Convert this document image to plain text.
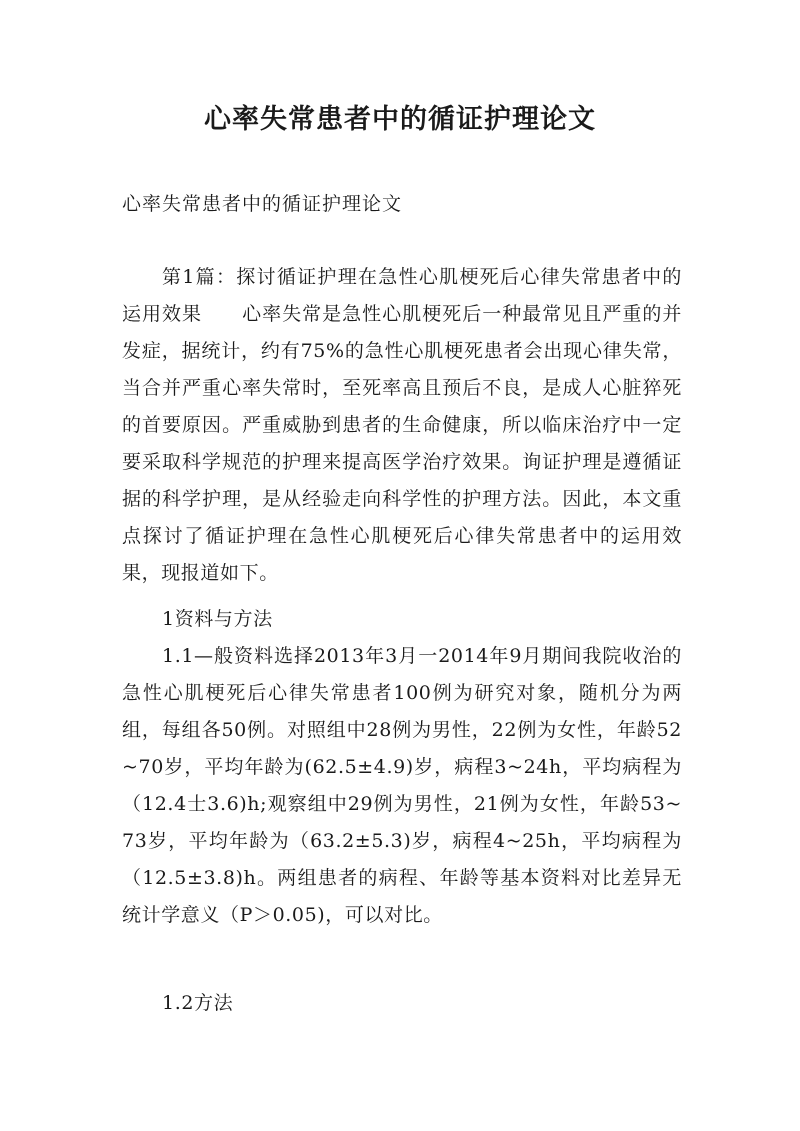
心率失常患者中的循证护理论文
心率失常患者中的循证护理论文

第1篇：探讨循证护理在急性心肌梗死后心律失常患者中的运用效果　　心率失常是急性心肌梗死后一种最常见且严重的并发症，据统计，约有75%的急性心肌梗死患者会出现心律失常，当合并严重心率失常时，至死率高且预后不良，是成人心脏猝死的首要原因。严重威胁到患者的生命健康，所以临床治疗中一定要采取科学规范的护理来提高医学治疗效果。询证护理是遵循证据的科学护理，是从经验走向科学性的护理方法。因此，本文重点探讨了循证护理在急性心肌梗死后心律失常患者中的运用效果，现报道如下。

1资料与方法

1.1—般资料选择2013年3月一2014年9月期间我院收治的急性心肌梗死后心律失常患者100例为研究对象，随机分为两组，每组各50例。对照组中28例为男性，22例为女性，年龄52~70岁，平均年龄为(62.5±4.9)岁，病程3~24h，平均病程为（12.4士3.6)h;观察组中29例为男性，21例为女性，年龄53~73岁，平均年龄为（63.2±5.3)岁，病程4~25h，平均病程为（12.5±3.8)h。两组患者的病程、年龄等基本资料对比差异无统计学意义（P＞0.05)，可以对比。

1.2方法
